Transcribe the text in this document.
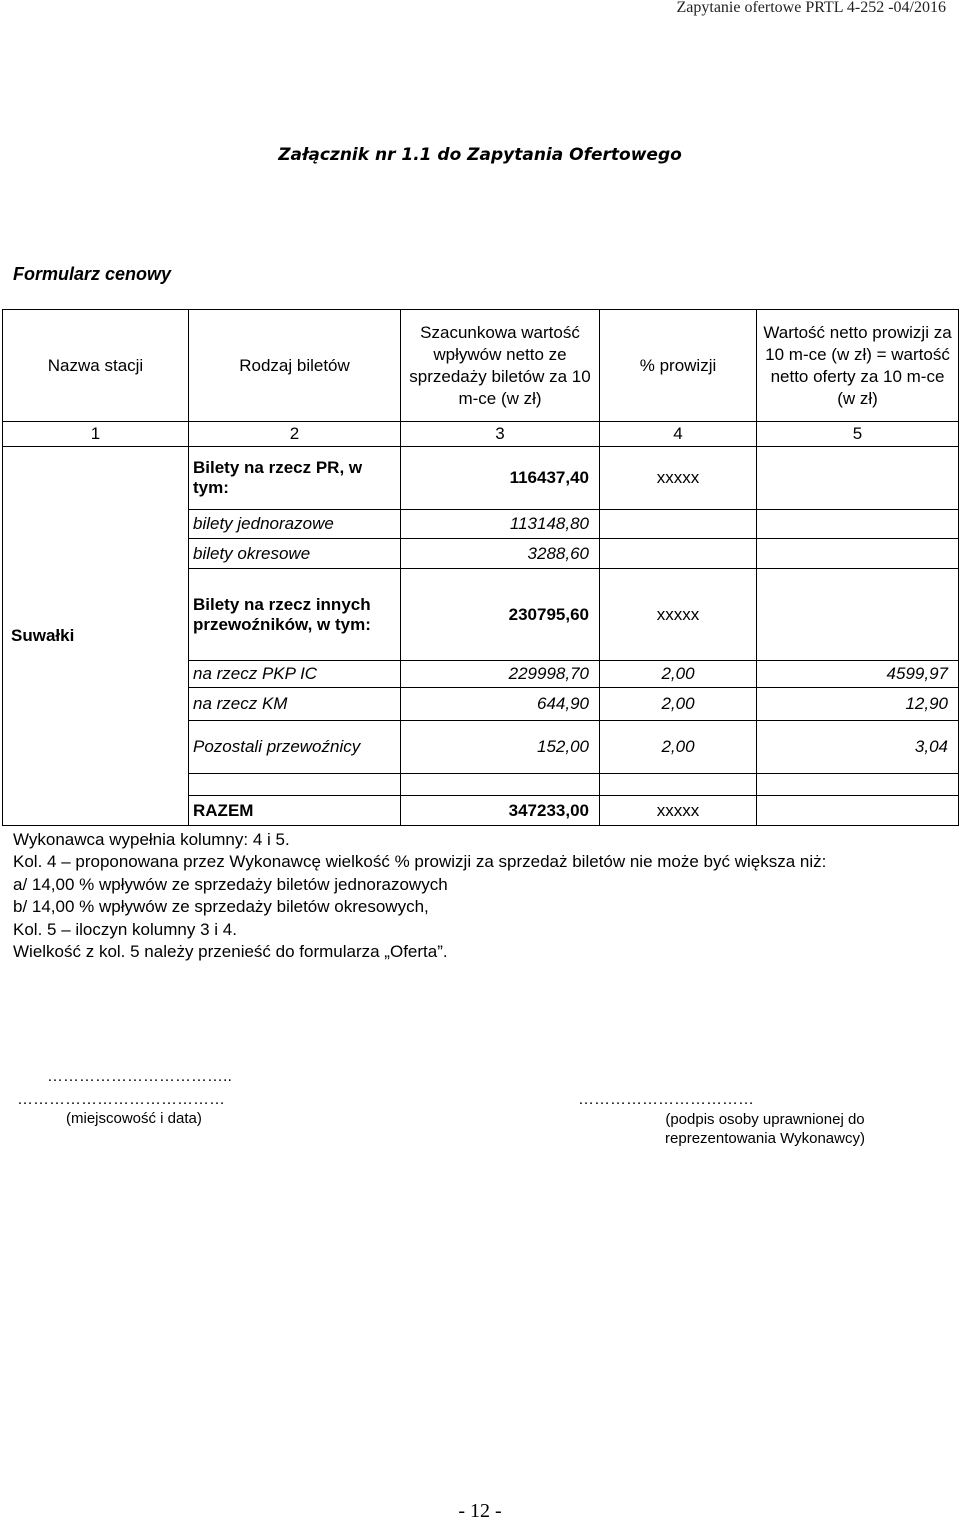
Zapytanie ofertowe PRTL 4-252 -04/2016
Załącznik nr 1.1 do Zapytania Ofertowego
Formularz cenowy
Nazwa stacji	Rodzaj biletów	Szacunkowa wartość wpływów netto ze sprzedaży biletów za 10 m-ce (w zł)	% prowizji	Wartość netto prowizji za 10 m-ce (w zł) = wartość netto oferty za 10 m-ce (w zł)
1	2	3	4	5
Suwałki	Bilety na rzecz PR, w tym:	116437,40	xxxxx	
	bilety jednorazowe	113148,80		
	bilety okresowe	3288,60		
	Bilety na rzecz innych przewoźników, w tym:	230795,60	xxxxx	
	na rzecz PKP IC	229998,70	2,00	4599,97
	na rzecz KM	644,90	2,00	12,90
	Pozostali przewoźnicy	152,00	2,00	3,04

	RAZEM	347233,00	xxxxx	

Wykonawca wypełnia kolumny: 4 i 5.

Kol. 4 – proponowana przez Wykonawcę wielkość % prowizji za sprzedaż biletów nie może być większa niż:

a/ 14,00 % wpływów ze sprzedaży biletów jednorazowych

b/ 14,00 % wpływów ze sprzedaży biletów okresowych,

Kol. 5 – iloczyn kolumny 3 i 4.

Wielkość z kol. 5 należy przenieść do formularza „Oferta”.

……………………………..
…………………………………	……………………………
(miejscowość i data)	(podpis osoby uprawnionej do reprezentowania Wykonawcy)
- 12 -
